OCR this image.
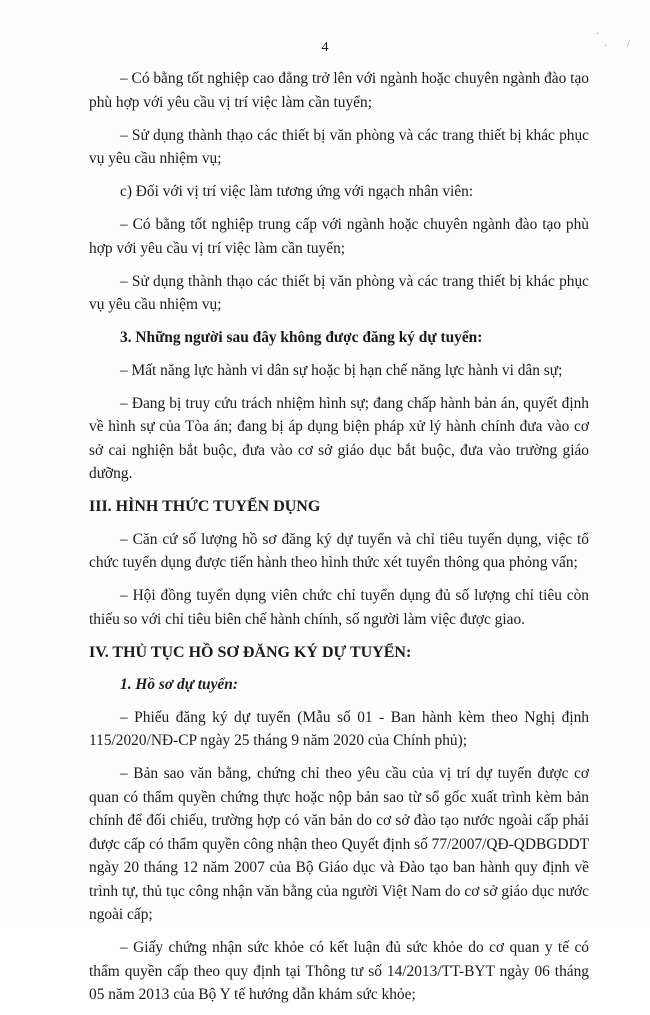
4
·
· /

– Có bằng tốt nghiệp cao đẳng trở lên với ngành hoặc chuyên ngành đào tạo phù hợp với yêu cầu vị trí việc làm cần tuyển;

– Sử dụng thành thạo các thiết bị văn phòng và các trang thiết bị khác phục vụ yêu cầu nhiệm vụ;

c) Đối với vị trí việc làm tương ứng với ngạch nhân viên:

– Có bằng tốt nghiệp trung cấp với ngành hoặc chuyên ngành đào tạo phù hợp với yêu cầu vị trí việc làm cần tuyển;

– Sử dụng thành thạo các thiết bị văn phòng và các trang thiết bị khác phục vụ yêu cầu nhiệm vụ;

3. Những người sau đây không được đăng ký dự tuyển:

– Mất năng lực hành vi dân sự hoặc bị hạn chế năng lực hành vi dân sự;

– Đang bị truy cứu trách nhiệm hình sự; đang chấp hành bản án, quyết định về hình sự của Tòa án; đang bị áp dụng biện pháp xử lý hành chính đưa vào cơ sở cai nghiện bắt buộc, đưa vào cơ sở giáo dục bắt buộc, đưa vào trường giáo dưỡng.

III. HÌNH THỨC TUYỂN DỤNG

– Căn cứ số lượng hồ sơ đăng ký dự tuyển và chỉ tiêu tuyển dụng, việc tổ chức tuyển dụng được tiến hành theo hình thức xét tuyển thông qua phỏng vấn;

– Hội đồng tuyển dụng viên chức chỉ tuyển dụng đủ số lượng chỉ tiêu còn thiếu so với chỉ tiêu biên chế hành chính, số người làm việc được giao.

IV. THỦ TỤC HỒ SƠ ĐĂNG KÝ DỰ TUYỂN:

1. Hồ sơ dự tuyển:

– Phiếu đăng ký dự tuyển (Mẫu số 01 - Ban hành kèm theo Nghị định 115/2020/NĐ-CP ngày 25 tháng 9 năm 2020 của Chính phủ);

– Bản sao văn bằng, chứng chỉ theo yêu cầu của vị trí dự tuyển được cơ quan có thẩm quyền chứng thực hoặc nộp bản sao từ sổ gốc xuất trình kèm bản chính để đối chiếu, trường hợp có văn bản do cơ sở đào tạo nước ngoài cấp phải được cấp có thẩm quyền công nhận theo Quyết định số 77/2007/QĐ-QDBGDDT ngày 20 tháng 12 năm 2007 của Bộ Giáo dục và Đào tạo ban hành quy định về trình tự, thủ tục công nhận văn bằng của người Việt Nam do cơ sở giáo dục nước ngoài cấp;

– Giấy chứng nhận sức khỏe có kết luận đủ sức khỏe do cơ quan y tế có thẩm quyền cấp theo quy định tại Thông tư số 14/2013/TT-BYT ngày 06 tháng 05 năm 2013 của Bộ Y tế hướng dẫn khám sức khỏe;
